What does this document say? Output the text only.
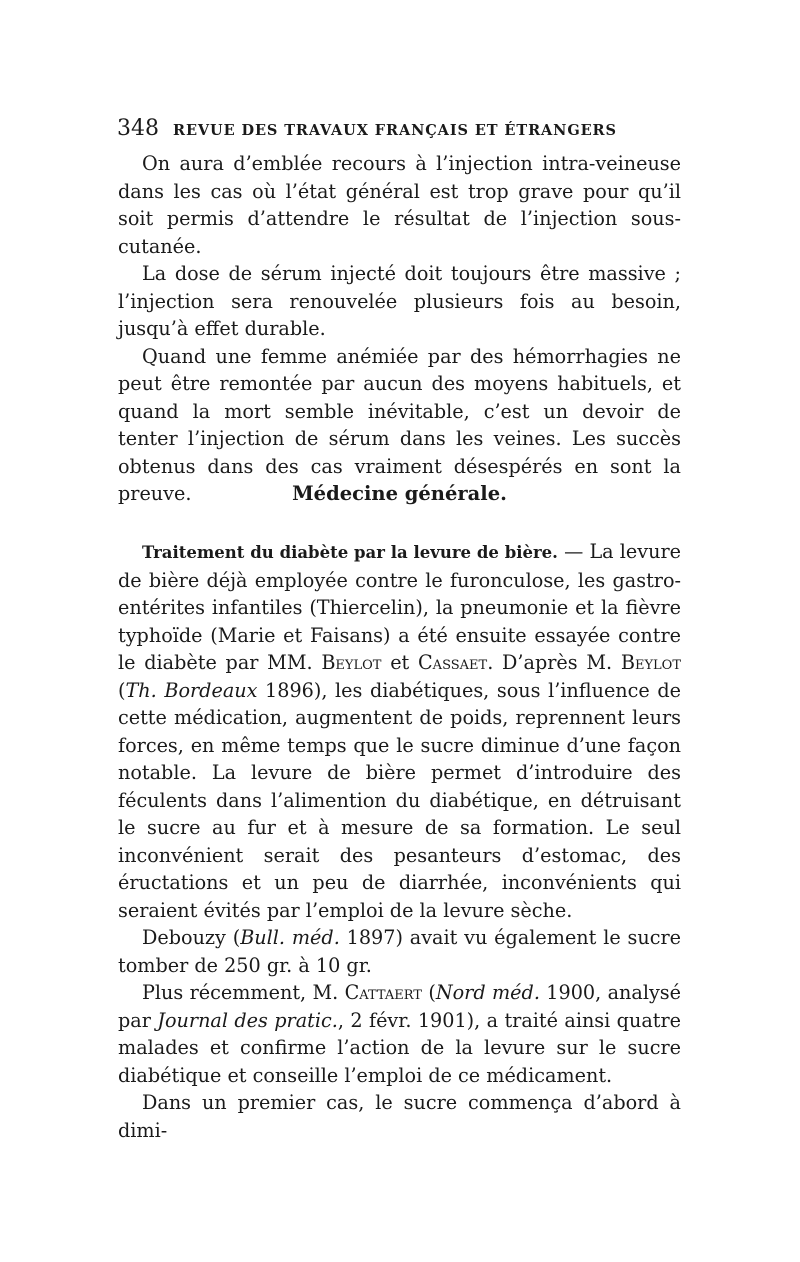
348 REVUE DES TRAVAUX FRANÇAIS ET ÉTRANGERS

On aura d’emblée recours à l’injection intra-veineuse dans les cas où l’état général est trop grave pour qu’il soit permis d’attendre le résultat de l’injection sous-cutanée.

La dose de sérum injecté doit toujours être massive ; l’injection sera renouvelée plusieurs fois au besoin, jusqu’à effet durable.

Quand une femme anémiée par des hémorrhagies ne peut être remontée par aucun des moyens habituels, et quand la mort semble inévitable, c’est un devoir de tenter l’injection de sérum dans les veines. Les succès obtenus dans des cas vraiment désespérés en sont la preuve.	Médecine générale.

Traitement du diabète par la levure de bière. — La levure de bière déjà employée contre le furonculose, les gastro-entérites infantiles (Thiercelin), la pneumonie et la fièvre typhoïde (Marie et Faisans) a été ensuite essayée contre le diabète par MM. Beylot et Cassaet. D’après M. Beylot (Th. Bordeaux 1896), les diabétiques, sous l’influence de cette médication, augmentent de poids, reprennent leurs forces, en même temps que le sucre diminue d’une façon notable. La levure de bière permet d’introduire des féculents dans l’alimention du diabétique, en détruisant le sucre au fur et à mesure de sa formation. Le seul inconvénient serait des pesanteurs d’estomac, des éructations et un peu de diarrhée, inconvénients qui seraient évités par l’emploi de la levure sèche.

Debouzy (Bull. méd. 1897) avait vu également le sucre tomber de 250 gr. à 10 gr.

Plus récemment, M. Cattaert (Nord méd. 1900, analysé par Journal des pratic., 2 févr. 1901), a traité ainsi quatre malades et confirme l’action de la levure sur le sucre diabétique et conseille l’emploi de ce médicament.

Dans un premier cas, le sucre commença d’abord à dimi-
